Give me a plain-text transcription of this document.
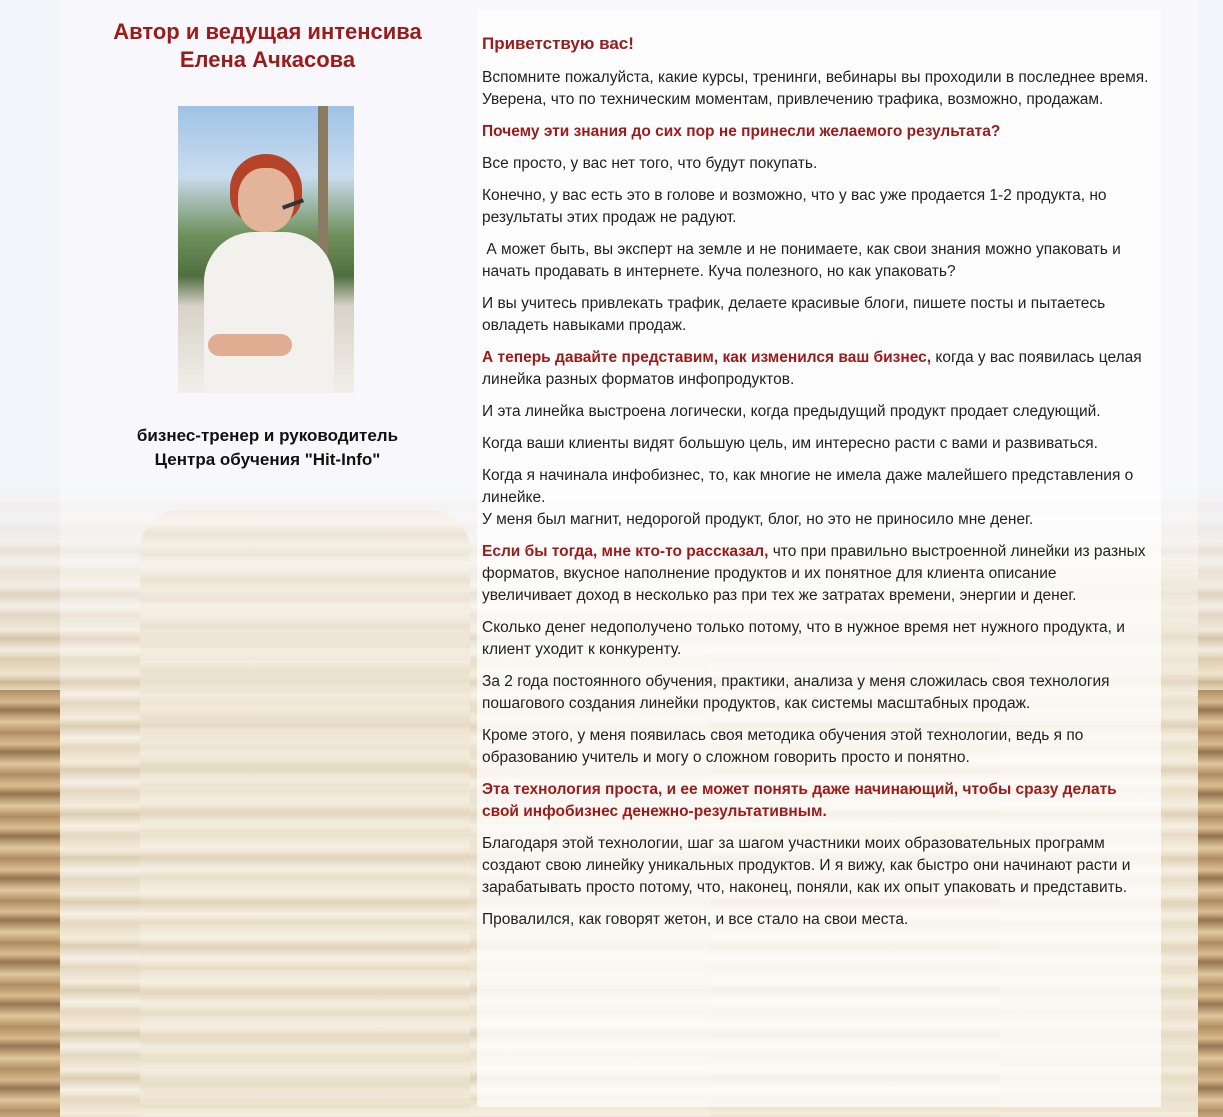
Автор и ведущая интенсива
Елена Ачкасова
бизнес-тренер и руководитель
Центра обучения "Hit-Info"

Приветствую вас!

Вспомните пожалуйста, какие курсы, тренинги, вебинары вы проходили в последнее время.
Уверена, что по техническим моментам, привлечению трафика, возможно, продажам.

Почему эти знания до сих пор не принесли желаемого результата?

Все просто, у вас нет того, что будут покупать.

Конечно, у вас есть это в голове и возможно, что у вас уже продается 1-2 продукта, но результаты этих продаж не радуют.

А может быть, вы эксперт на земле и не понимаете, как свои знания можно упаковать и начать продавать в интернете. Куча полезного, но как упаковать?

И вы учитесь привлекать трафик, делаете красивые блоги, пишете посты и пытаетесь овладеть навыками продаж.

А теперь давайте представим, как изменился ваш бизнес, когда у вас появилась целая линейка разных форматов инфопродуктов.

И эта линейка выстроена логически, когда предыдущий продукт продает следующий.

Когда ваши клиенты видят большую цель, им интересно расти с вами и развиваться.

Когда я начинала инфобизнес, то, как многие не имела даже малейшего представления о линейке.
У меня был магнит, недорогой продукт, блог, но это не приносило мне денег.

Если бы тогда, мне кто-то рассказал, что при правильно выстроенной линейки из разных форматов, вкусное наполнение продуктов и их понятное для клиента описание увеличивает доход в несколько раз при тех же затратах времени, энергии и денег.

Сколько денег недополучено только потому, что в нужное время нет нужного продукта, и клиент уходит к конкуренту.

За 2 года постоянного обучения, практики, анализа у меня сложилась своя технология пошагового создания линейки продуктов, как системы масштабных продаж.

Кроме этого, у меня появилась своя методика обучения этой технологии, ведь я по образованию учитель и могу о сложном говорить просто и понятно.

Эта технология проста, и ее может понять даже начинающий, чтобы сразу делать свой инфобизнес денежно-результативным.

Благодаря этой технологии, шаг за шагом участники моих образовательных программ создают свою линейку уникальных продуктов. И я вижу, как быстро они начинают расти и зарабатывать просто потому, что, наконец, поняли, как их опыт упаковать и представить.

Провалился, как говорят жетон, и все стало на свои места.
